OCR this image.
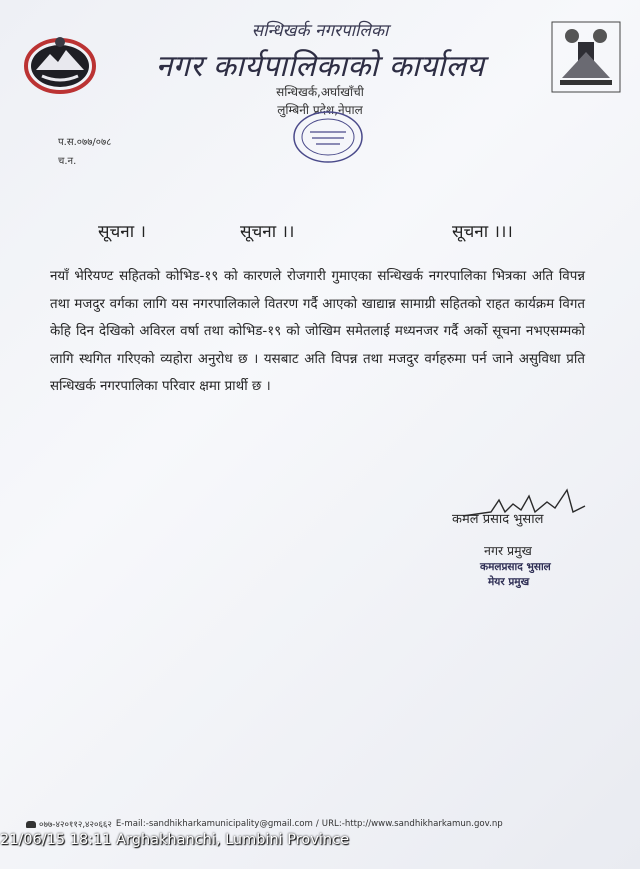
सन्धिखर्क नगरपालिका
नगर कार्यपालिकाको कार्यालय
सन्धिखर्क,अर्घाखाँची
लुम्बिनी प्रदेश,नेपाल
प.स.०७७/०७८
च.न.
सूचना ।	सूचना ।।	सूचना ।।।
नयाँ भेरियण्ट सहितको कोभिड-१९ को कारणले रोजगारी गुमाएका सन्धिखर्क नगरपालिका भित्रका अति विपन्न तथा मजदुर वर्गका लागि यस नगरपालिकाले वितरण गर्दै आएको खाद्यान्न सामाग्री सहितको राहत कार्यक्रम विगत केहि दिन देखिको अविरल वर्षा तथा कोभिड-१९ को जोखिम समेतलाई मध्यनजर गर्दै अर्को सूचना नभएसम्मको लागि स्थगित गरिएको व्यहोरा अनुरोध छ । यसबाट अति विपन्न तथा मजदुर वर्गहरुमा पर्न जाने असुविधा प्रति सन्धिखर्क नगरपालिका परिवार क्षमा प्रार्थी छ ।
कमल प्रसाद भुसाल
नगर प्रमुख
कमलप्रसाद भुसाल
मेयर प्रमुख
०७७-४२०११२,४२०६६२ E-mail:-sandhikharkamunicipality@gmail.com / URL:-http://www.sandhikharkamun.gov.np
21/06/15 18:11 Arghakhanchi, Lumbini Province
